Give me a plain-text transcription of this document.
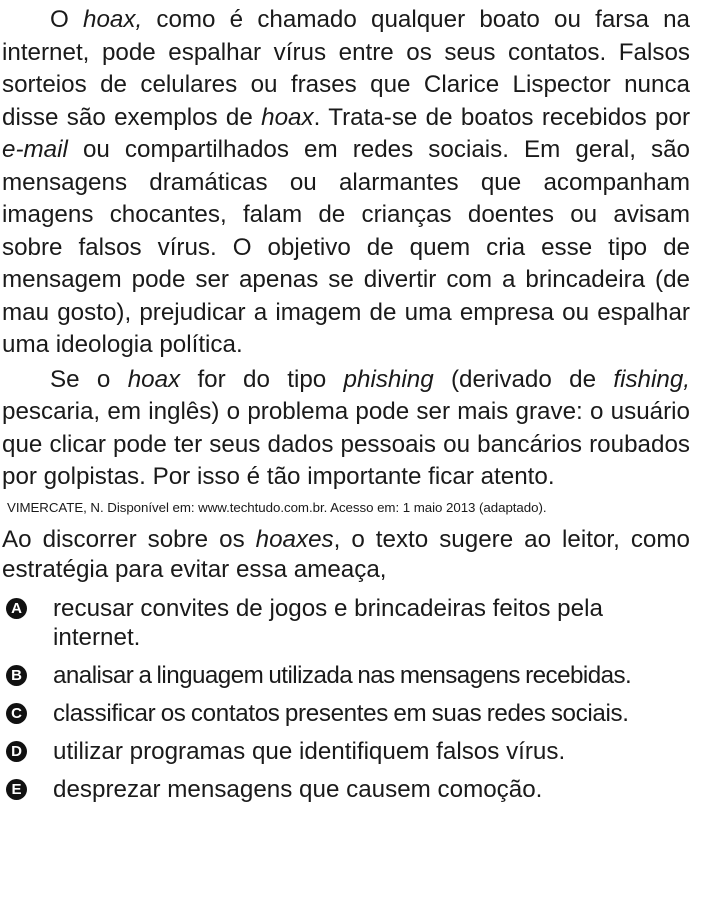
O hoax, como é chamado qualquer boato ou farsa na internet, pode espalhar vírus entre os seus contatos. Falsos sorteios de celulares ou frases que Clarice Lispector nunca disse são exemplos de hoax. Trata-se de boatos recebidos por e-mail ou compartilhados em redes sociais. Em geral, são mensagens dramáticas ou alarmantes que acompanham imagens chocantes, falam de crianças doentes ou avisam sobre falsos vírus. O objetivo de quem cria esse tipo de mensagem pode ser apenas se divertir com a brincadeira (de mau gosto), prejudicar a imagem de uma empresa ou espalhar uma ideologia política.

Se o hoax for do tipo phishing (derivado de fishing, pescaria, em inglês) o problema pode ser mais grave: o usuário que clicar pode ter seus dados pessoais ou bancários roubados por golpistas. Por isso é tão importante ficar atento.

VIMERCATE, N. Disponível em: www.techtudo.com.br. Acesso em: 1 maio 2013 (adaptado).

Ao discorrer sobre os hoaxes, o texto sugere ao leitor, como estratégia para evitar essa ameaça,

A recusar convites de jogos e brincadeiras feitos pela internet.
B analisar a linguagem utilizada nas mensagens recebidas.
C classificar os contatos presentes em suas redes sociais.
D utilizar programas que identifiquem falsos vírus.
E desprezar mensagens que causem comoção.
